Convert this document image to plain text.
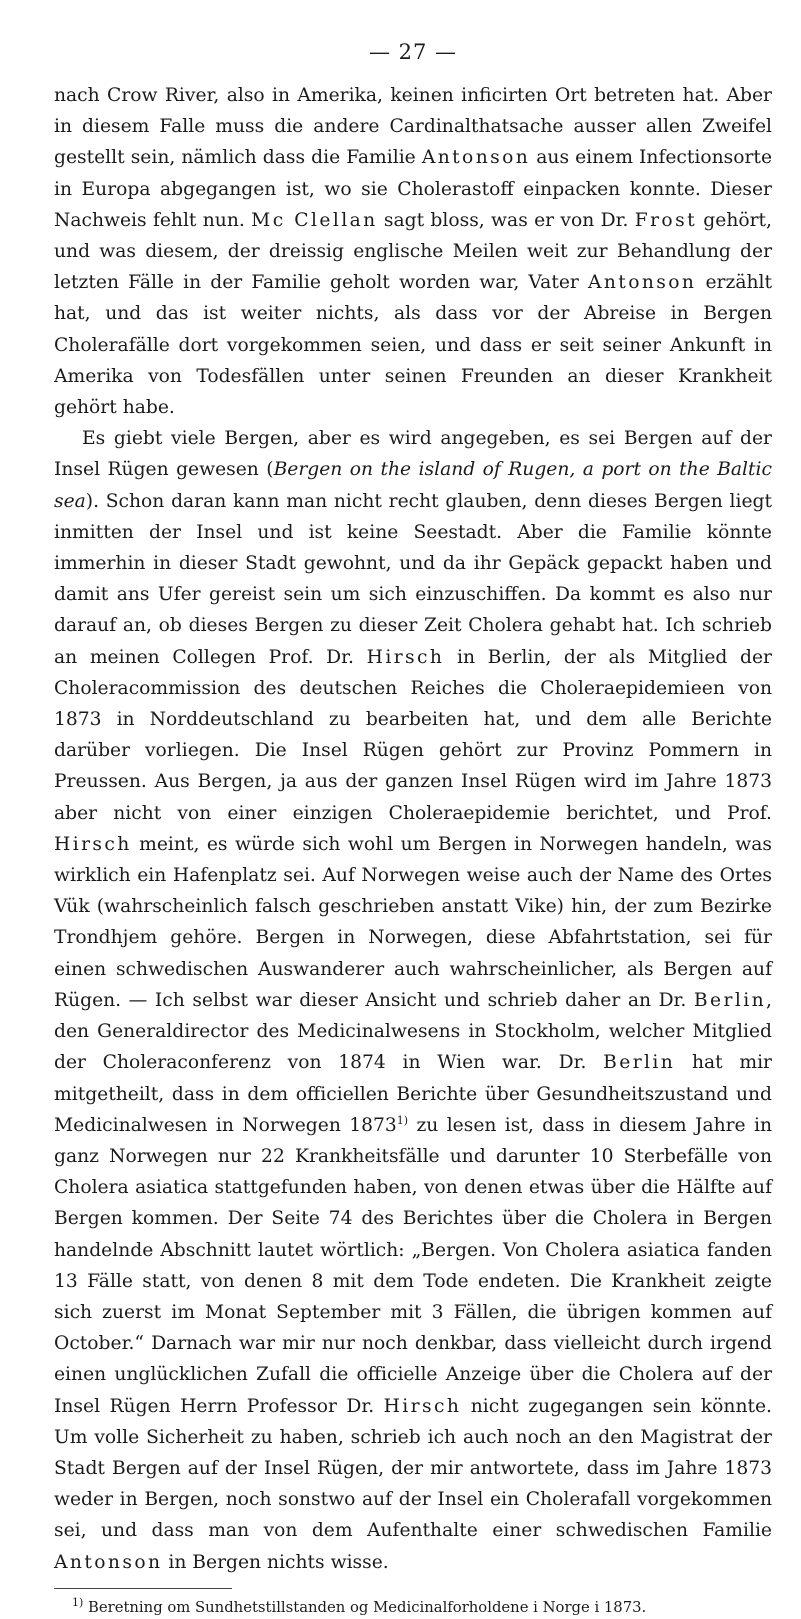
— 27 —

nach Crow River, also in Amerika, keinen inficirten Ort betreten hat. Aber in diesem Falle muss die andere Cardinalthatsache ausser allen Zweifel gestellt sein, nämlich dass die Familie Antonson aus einem Infectionsorte in Europa abgegangen ist, wo sie Cholerastoff einpacken konnte. Dieser Nachweis fehlt nun. Mc Clellan sagt bloss, was er von Dr. Frost gehört, und was diesem, der dreissig englische Meilen weit zur Behandlung der letzten Fälle in der Familie geholt worden war, Vater Antonson erzählt hat, und das ist weiter nichts, als dass vor der Abreise in Bergen Cholerafälle dort vorgekommen seien, und dass er seit seiner Ankunft in Amerika von Todesfällen unter seinen Freunden an dieser Krankheit gehört habe.

Es giebt viele Bergen, aber es wird angegeben, es sei Bergen auf der Insel Rügen gewesen (Bergen on the island of Rugen, a port on the Baltic sea). Schon daran kann man nicht recht glauben, denn dieses Bergen liegt inmitten der Insel und ist keine Seestadt. Aber die Familie könnte immerhin in dieser Stadt gewohnt, und da ihr Gepäck gepackt haben und damit ans Ufer gereist sein um sich einzuschiffen. Da kommt es also nur darauf an, ob dieses Bergen zu dieser Zeit Cholera gehabt hat. Ich schrieb an meinen Collegen Prof. Dr. Hirsch in Berlin, der als Mitglied der Choleracommission des deutschen Reiches die Choleraepidemieen von 1873 in Norddeutschland zu bearbeiten hat, und dem alle Berichte darüber vorliegen. Die Insel Rügen gehört zur Provinz Pommern in Preussen. Aus Bergen, ja aus der ganzen Insel Rügen wird im Jahre 1873 aber nicht von einer einzigen Choleraepidemie berichtet, und Prof. Hirsch meint, es würde sich wohl um Bergen in Norwegen handeln, was wirklich ein Hafenplatz sei. Auf Norwegen weise auch der Name des Ortes Vük (wahrscheinlich falsch geschrieben anstatt Vike) hin, der zum Bezirke Trondhjem gehöre. Bergen in Norwegen, diese Abfahrtstation, sei für einen schwedischen Auswanderer auch wahrscheinlicher, als Bergen auf Rügen. — Ich selbst war dieser Ansicht und schrieb daher an Dr. Berlin, den Generaldirector des Medicinalwesens in Stockholm, welcher Mitglied der Choleraconferenz von 1874 in Wien war. Dr. Berlin hat mir mitgetheilt, dass in dem officiellen Berichte über Gesundheitszustand und Medicinalwesen in Norwegen 1873$^{1)}$ zu lesen ist, dass in diesem Jahre in ganz Norwegen nur 22 Krankheitsfälle und darunter 10 Sterbefälle von Cholera asiatica stattgefunden haben, von denen etwas über die Hälfte auf Bergen kommen. Der Seite 74 des Berichtes über die Cholera in Bergen handelnde Abschnitt lautet wörtlich: „Bergen. Von Cholera asiatica fanden 13 Fälle statt, von denen 8 mit dem Tode endeten. Die Krankheit zeigte sich zuerst im Monat September mit 3 Fällen, die übrigen kommen auf October.“ Darnach war mir nur noch denkbar, dass vielleicht durch irgend einen unglücklichen Zufall die officielle Anzeige über die Cholera auf der Insel Rügen Herrn Professor Dr. Hirsch nicht zugegangen sein könnte. Um volle Sicherheit zu haben, schrieb ich auch noch an den Magistrat der Stadt Bergen auf der Insel Rügen, der mir antwortete, dass im Jahre 1873 weder in Bergen, noch sonstwo auf der Insel ein Cholerafall vorgekommen sei, und dass man von dem Aufenthalte einer schwedischen Familie Antonson in Bergen nichts wisse.

$^{1)}$ Beretning om Sundhetstillstanden og Medicinalforholdene i Norge i 1873.
